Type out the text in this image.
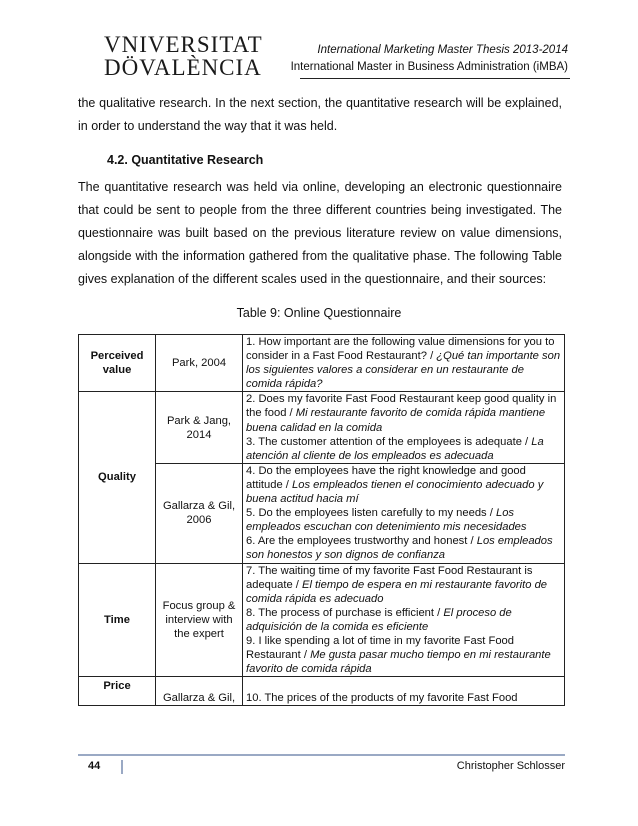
VNIVERSITAT
DÖVALÈNCIA
International Marketing Master Thesis 2013-2014
International Master in Business Administration (iMBA)
the qualitative research. In the next section, the quantitative research will be explained, in order to understand the way that it was held.
4.2. Quantitative Research
The quantitative research was held via online, developing an electronic questionnaire that could be sent to people from the three different countries being investigated. The questionnaire was built based on the previous literature review on value dimensions, alongside with the information gathered from the qualitative phase. The following Table gives explanation of the different scales used in the questionnaire, and their sources:
Table 9: Online Questionnaire
Perceived value	Park, 2004	1. How important are the following value dimensions for you to consider in a Fast Food Restaurant? / ¿Qué tan importante son los siguientes valores a considerar en un restaurante de comida rápida?
Quality	Park & Jang, 2014	2. Does my favorite Fast Food Restaurant keep good quality in the food / Mi restaurante favorito de comida rápida mantiene buena calidad en la comida
3. The customer attention of the employees is adequate / La atención al cliente de los empleados es adecuada
	Gallarza & Gil, 2006	4. Do the employees have the right knowledge and good attitude / Los empleados tienen el conocimiento adecuado y buena actitud hacia mí
5. Do the employees listen carefully to my needs / Los empleados escuchan con detenimiento mis necesidades
6. Are the employees trustworthy and honest / Los empleados son honestos y son dignos de confianza
Time	Focus group & interview with the expert	7. The waiting time of my favorite Fast Food Restaurant is adequate / El tiempo de espera en mi restaurante favorito de comida rápida es adecuado
8. The process of purchase is efficient / El proceso de adquisición de la comida es eficiente
9. I like spending a lot of time in my favorite Fast Food Restaurant / Me gusta pasar mucho tiempo en mi restaurante favorito de comida rápida
Price	Gallarza & Gil,	10. The prices of the products of my favorite Fast Food
44	Christopher Schlosser
